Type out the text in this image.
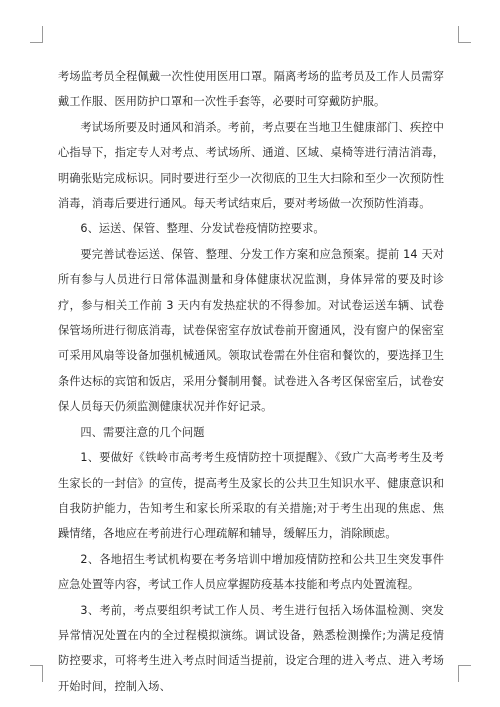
考场监考员全程佩戴一次性使用医用口罩。隔离考场的监考员及工作人员需穿戴工作服、医用防护口罩和一次性手套等，必要时可穿戴防护服。

考试场所要及时通风和消杀。考前，考点要在当地卫生健康部门、疾控中心指导下，指定专人对考点、考试场所、通道、区域、桌椅等进行清洁消毒，明确张贴完成标识。同时要进行至少一次彻底的卫生大扫除和至少一次预防性消毒，消毒后要进行通风。每天考试结束后，要对考场做一次预防性消毒。

6、运送、保管、整理、分发试卷疫情防控要求。

要完善试卷运送、保管、整理、分发工作方案和应急预案。提前 14 天对所有参与人员进行日常体温测量和身体健康状况监测，身体异常的要及时诊疗，参与相关工作前 3 天内有发热症状的不得参加。对试卷运送车辆、试卷保管场所进行彻底消毒，试卷保密室存放试卷前开窗通风，没有窗户的保密室可采用风扇等设备加强机械通风。领取试卷需在外住宿和餐饮的，要选择卫生条件达标的宾馆和饭店，采用分餐制用餐。试卷进入各考区保密室后，试卷安保人员每天仍须监测健康状况并作好记录。

四、需要注意的几个问题

1、要做好《铁岭市高考考生疫情防控十项提醒》、《致广大高考考生及考生家长的一封信》的宣传，提高考生及家长的公共卫生知识水平、健康意识和自我防护能力，告知考生和家长所采取的有关措施;对于考生出现的焦虑、焦躁情绪，各地应在考前进行心理疏解和辅导，缓解压力，消除顾虑。

2、各地招生考试机构要在考务培训中增加疫情防控和公共卫生突发事件应急处置等内容，考试工作人员应掌握防疫基本技能和考点内处置流程。

3、考前，考点要组织考试工作人员、考生进行包括入场体温检测、突发异常情况处置在内的全过程模拟演练。调试设备，熟悉检测操作;为满足疫情防控要求，可将考生进入考点时间适当提前，设定合理的进入考点、进入考场开始时间，控制入场、
